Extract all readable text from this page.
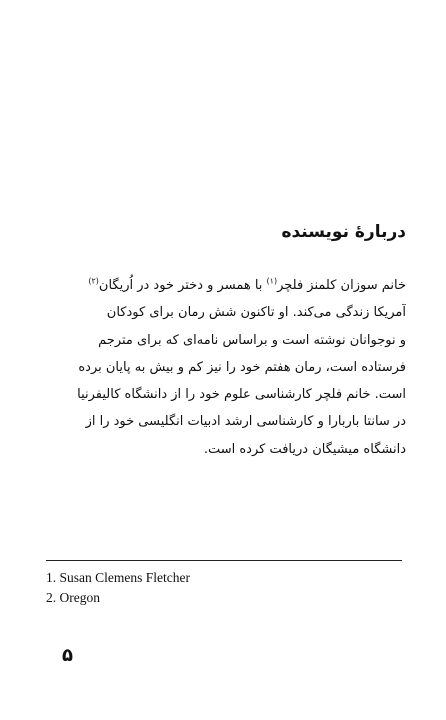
دربارهٔ نویسنده
خانم سوزان کلمنز فلچر$^{(۱)}$ با همسر و دختر خود در اُریگان$^{(۲)}$
آمریکا زندگی می‌کند. او تاکنون شش رمان برای کودکان
و نوجوانان نوشته است و براساس نامه‌ای که برای مترجم
فرستاده است، رمان هفتم خود را نیز کم و بیش به پایان برده
است. خانم فلچر کارشناسی علوم خود را از دانشگاه کالیفرنیا
در سانتا باربارا و کارشناسی ارشد ادبیات انگلیسی خود را از
دانشگاه میشیگان دریافت کرده است.
1. Susan Clemens Fletcher
2. Oregon
۵
